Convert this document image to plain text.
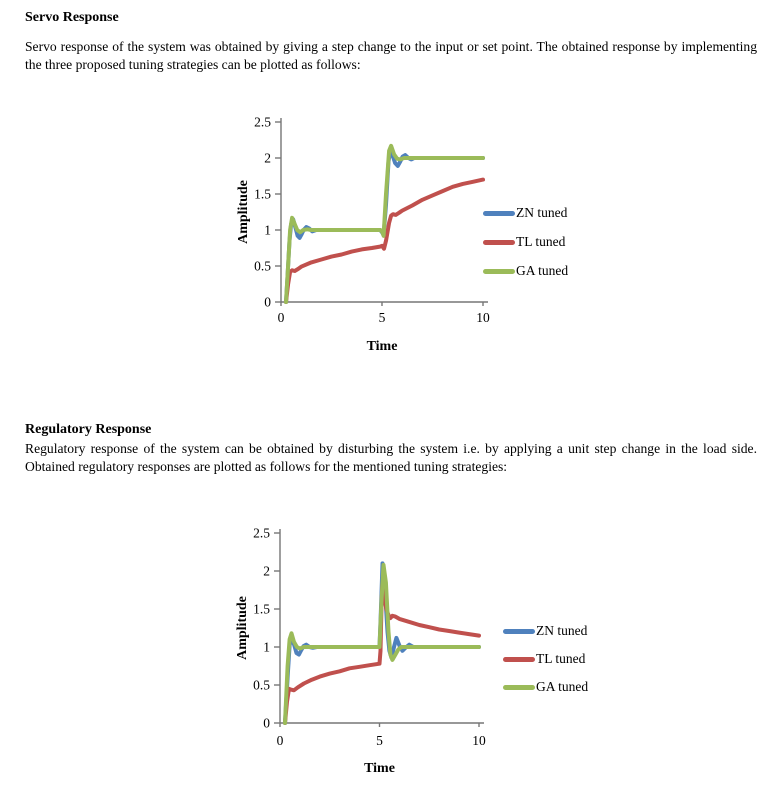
Servo Response

Servo response of the system was obtained by giving a step change to the input or set point. The obtained response by implementing the three proposed tuning strategies can be plotted as follows:

0
0.5
1
1.5
2
2.5
0	5	10
Time
Amplitude	ZN tuned
TL tuned
GA tuned
Regulatory Response

Regulatory response of the system can be obtained by disturbing the system i.e. by applying a unit step change in the load side. Obtained regulatory responses are plotted as follows for the mentioned tuning strategies:

0
0.5
1
1.5
2
2.5
0	5	10
Time
Amplitude	ZN tuned
TL tuned
GA tuned
